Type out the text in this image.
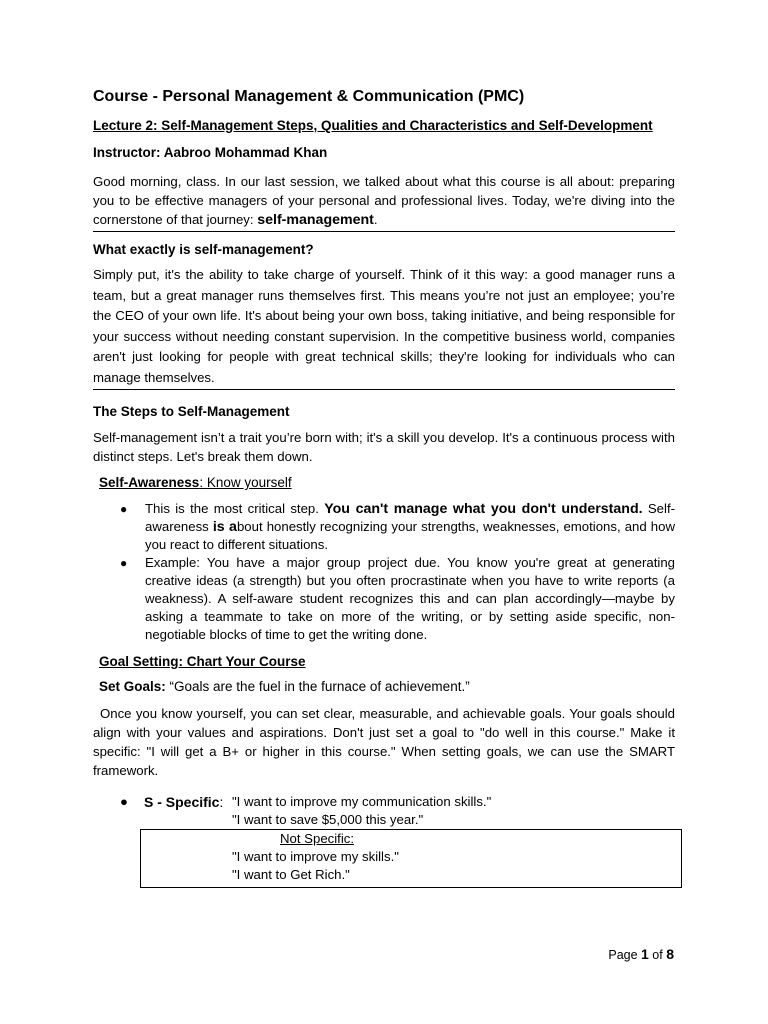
Course - Personal Management & Communication (PMC)
Lecture 2: Self-Management Steps, Qualities and Characteristics and Self-Development
Instructor: Aabroo Mohammad Khan

Good morning, class. In our last session, we talked about what this course is all about: preparing you to be effective managers of your personal and professional lives. Today, we're diving into the cornerstone of that journey: self-management.

What exactly is self-management?

Simply put, it's the ability to take charge of yourself. Think of it this way: a good manager runs a team, but a great manager runs themselves first. This means you’re not just an employee; you’re the CEO of your own life. It's about being your own boss, taking initiative, and being responsible for your success without needing constant supervision. In the competitive business world, companies aren't just looking for people with great technical skills; they're looking for individuals who can manage themselves.

The Steps to Self-Management

Self-management isn’t a trait you’re born with; it's a skill you develop. It's a continuous process with distinct steps. Let's break them down.

Self-Awareness: Know yourself
● This is the most critical step. You can't manage what you don't understand. Self-awareness is about honestly recognizing your strengths, weaknesses, emotions, and how you react to different situations.
● Example: You have a major group project due. You know you're great at generating creative ideas (a strength) but you often procrastinate when you have to write reports (a weakness). A self-aware student recognizes this and can plan accordingly—maybe by asking a teammate to take on more of the writing, or by setting aside specific, non-negotiable blocks of time to get the writing done.
Goal Setting: Chart Your Course
Set Goals: “Goals are the fuel in the furnace of achievement.”

Once you know yourself, you can set clear, measurable, and achievable goals. Your goals should align with your values and aspirations. Don't just set a goal to "do well in this course." Make it specific: "I will get a B+ or higher in this course." When setting goals, we can use the SMART framework.

● S - Specific: "I want to improve my communication skills."
"I want to save $5,000 this year."
Not Specific:
"I want to improve my skills."
"I want to Get Rich."
Page 1 of 8
